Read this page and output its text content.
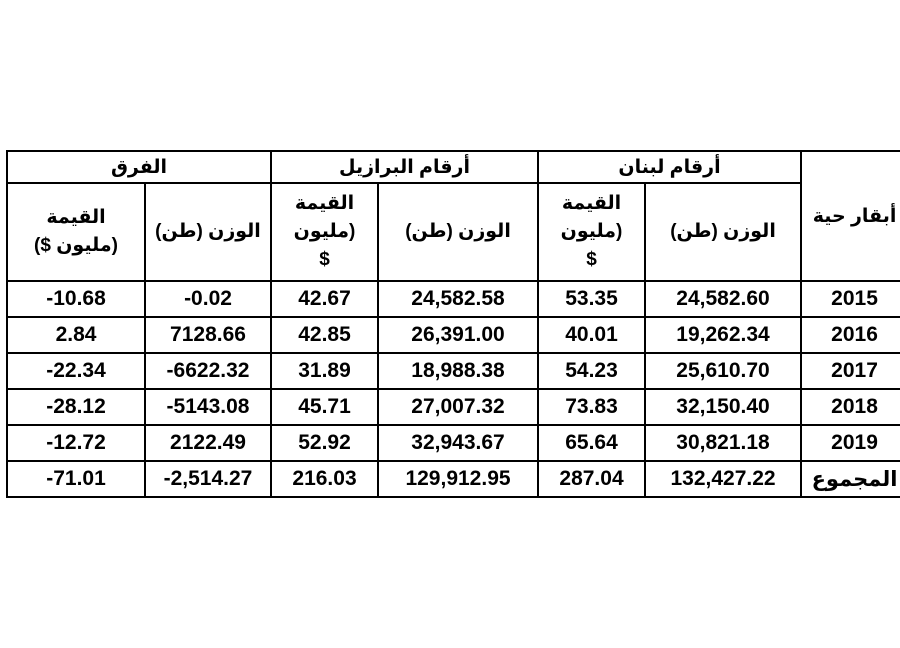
الفرق		أرقام البرازيل		أرقام لبنان		أبقار حية
القيمة (مليون $)	الوزن (طن)	القيمة (مليون $	الوزن (طن)	القيمة (مليون $	الوزن (طن)	
-10.68	-0.02	42.67	24,582.58	53.35	24,582.60	2015
2.84	7128.66	42.85	26,391.00	40.01	19,262.34	2016
-22.34	-6622.32	31.89	18,988.38	54.23	25,610.70	2017
-28.12	-5143.08	45.71	27,007.32	73.83	32,150.40	2018
-12.72	2122.49	52.92	32,943.67	65.64	30,821.18	2019
-71.01	-2,514.27	216.03	129,912.95	287.04	132,427.22	المجموع
